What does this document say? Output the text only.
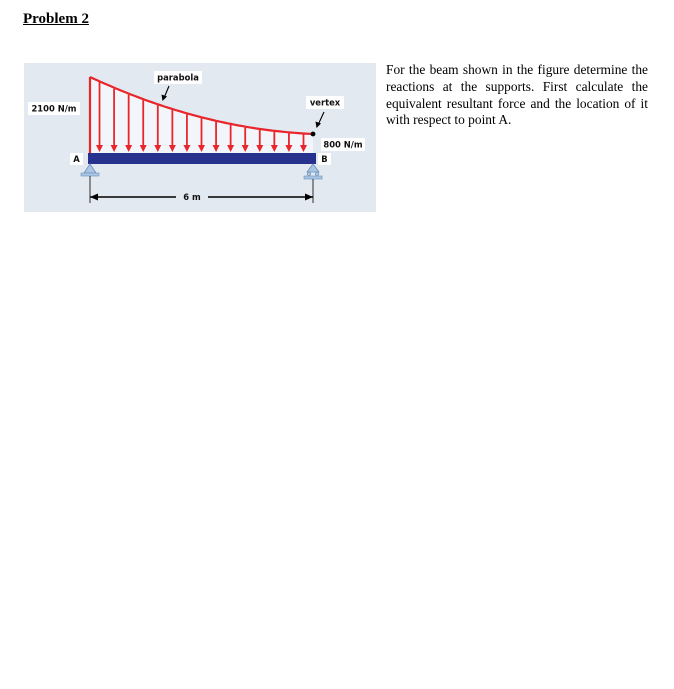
Problem 2
6 m
2100 N/m
parabola
vertex
800 N/m
A	B
For the beam shown in the figure determine the reactions at the supports. First calculate the equivalent resultant force and the location of it with respect to point A.
